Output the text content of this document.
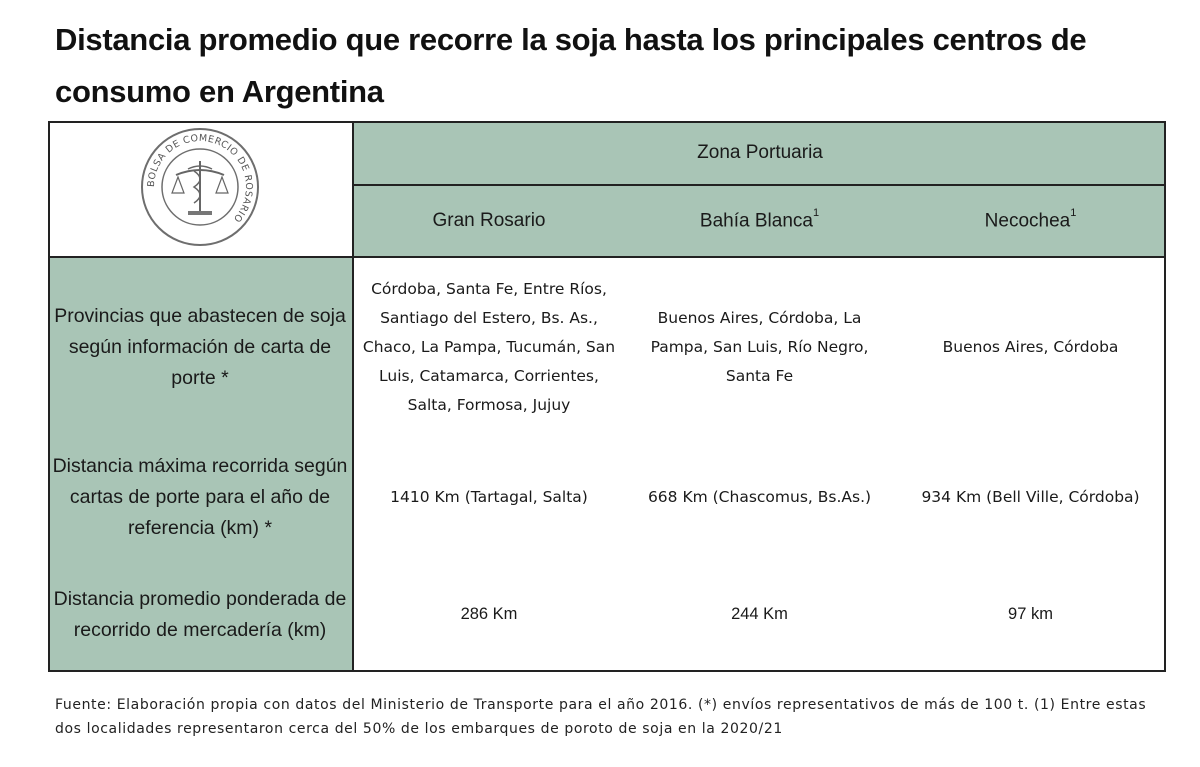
Distancia promedio que recorre la soja hasta los principales centros de consumo en Argentina
BOLSA DE COMERCIO DE ROSARIO	Zona Portuaria		
	Gran Rosario	Bahía Blanca$^1$	Necochea$^1$
Provincias que abastecen de soja según información de carta de porte *	Córdoba, Santa Fe, Entre Ríos, Santiago del Estero, Bs. As., Chaco, La Pampa, Tucumán, San Luis, Catamarca, Corrientes, Salta, Formosa, Jujuy	Buenos Aires, Córdoba, La Pampa, San Luis, Río Negro, Santa Fe	Buenos Aires, Córdoba
Distancia máxima recorrida según cartas de porte para el año de referencia (km) *	1410 Km (Tartagal, Salta)	668 Km (Chascomus, Bs.As.)	934 Km (Bell Ville, Córdoba)
Distancia promedio ponderada de recorrido de mercadería (km)	286 Km	244 Km	97 km

Fuente: Elaboración propia con datos del Ministerio de Transporte para el año 2016. (*) envíos representativos de más de 100 t. (1) Entre estas dos localidades representaron cerca del 50% de los embarques de poroto de soja en la 2020/21
